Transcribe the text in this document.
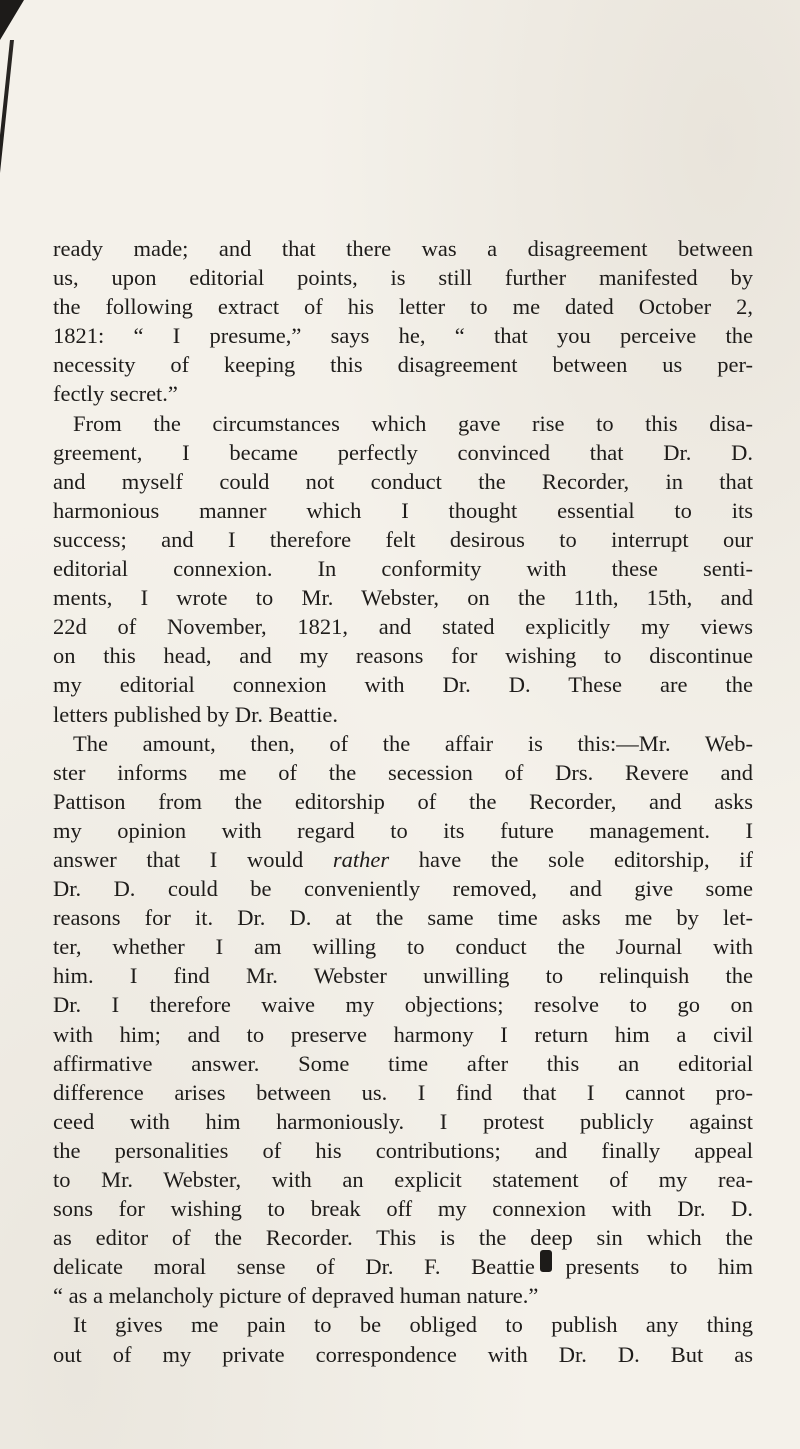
ready made; and that there was a disagreement between
us, upon editorial points, is still further manifested by
the following extract of his letter to me dated October 2,
1821: “ I presume,” says he, “ that you perceive the
necessity of keeping this disagreement between us per-
fectly secret.”
From the circumstances which gave rise to this disa-
greement, I became perfectly convinced that Dr. D.
and myself could not conduct the Recorder, in that
harmonious manner which I thought essential to its
success; and I therefore felt desirous to interrupt our
editorial connexion. In conformity with these senti-
ments, I wrote to Mr. Webster, on the 11th, 15th, and
22d of November, 1821, and stated explicitly my views
on this head, and my reasons for wishing to discontinue
my editorial connexion with Dr. D. These are the
letters published by Dr. Beattie.
The amount, then, of the affair is this:—Mr. Web-
ster informs me of the secession of Drs. Revere and
Pattison from the editorship of the Recorder, and asks
my opinion with regard to its future management. I
answer that I would rather have the sole editorship, if
Dr. D. could be conveniently removed, and give some
reasons for it. Dr. D. at the same time asks me by let-
ter, whether I am willing to conduct the Journal with
him. I find Mr. Webster unwilling to relinquish the
Dr. I therefore waive my objections; resolve to go on
with him; and to preserve harmony I return him a civil
affirmative answer. Some time after this an editorial
difference arises between us. I find that I cannot pro-
ceed with him harmoniously. I protest publicly against
the personalities of his contributions; and finally appeal
to Mr. Webster, with an explicit statement of my rea-
sons for wishing to break off my connexion with Dr. D.
as editor of the Recorder. This is the deep sin which the
delicate moral sense of Dr. F. Beattie presents to him
“ as a melancholy picture of depraved human nature.”
It gives me pain to be obliged to publish any thing
out of my private correspondence with Dr. D. But as
